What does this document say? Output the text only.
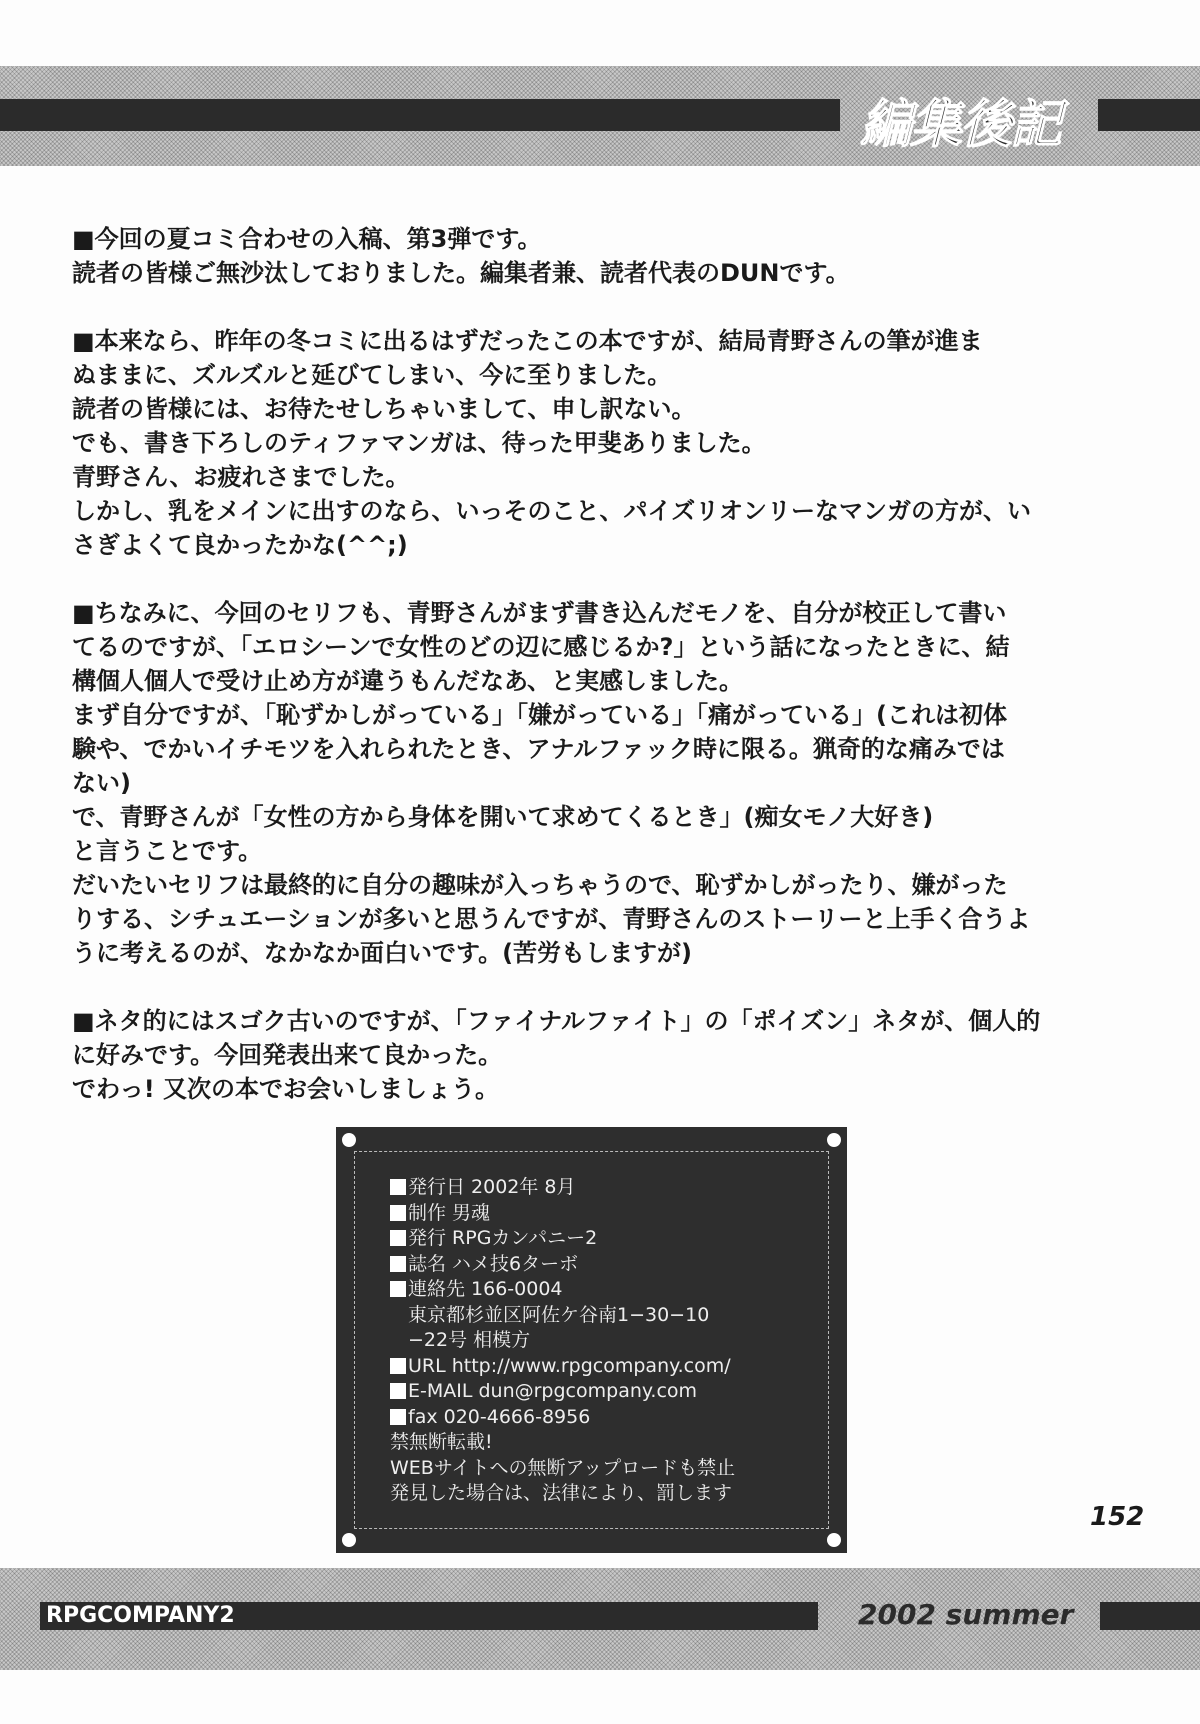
編集後記
■今回の夏コミ合わせの入稿、第3弾です。
読者の皆様ご無沙汰しておりました。編集者兼、読者代表のDUNです。
■本来なら、昨年の冬コミに出るはずだったこの本ですが、結局青野さんの筆が進ま
ぬままに、ズルズルと延びてしまい、今に至りました。
読者の皆様には、お待たせしちゃいまして、申し訳ない。
でも、書き下ろしのティファマンガは、待った甲斐ありました。
青野さん、お疲れさまでした。
しかし、乳をメインに出すのなら、いっそのこと、パイズリオンリーなマンガの方が、い
さぎよくて良かったかな(^^;)
■ちなみに、今回のセリフも、青野さんがまず書き込んだモノを、自分が校正して書い
てるのですが、「エロシーンで女性のどの辺に感じるか?」という話になったときに、結
構個人個人で受け止め方が違うもんだなあ、と実感しました。
まず自分ですが、「恥ずかしがっている」「嫌がっている」「痛がっている」(これは初体
験や、でかいイチモツを入れられたとき、アナルファック時に限る。猟奇的な痛みでは
ない)
で、青野さんが「女性の方から身体を開いて求めてくるとき」(痴女モノ大好き)
と言うことです。
だいたいセリフは最終的に自分の趣味が入っちゃうので、恥ずかしがったり、嫌がった
りする、シチュエーションが多いと思うんですが、青野さんのストーリーと上手く合うよ
うに考えるのが、なかなか面白いです。(苦労もしますが)
■ネタ的にはスゴク古いのですが、「ファイナルファイト」の「ポイズン」ネタが、個人的
に好みです。今回発表出来て良かった。
でわっ! 又次の本でお会いしましょう。
発行日 2002年 8月
制作 男魂
発行 RPGカンパニー2
誌名 ハメ技6ターボ
連絡先 166-0004
東京都杉並区阿佐ケ谷南1−30−10
−22号 相模方
URL http://www.rpgcompany.com/
E-MAIL dun@rpgcompany.com
fax 020-4666-8956
禁無断転載!
WEBサイトへの無断アップロードも禁止
発見した場合は、法律により、罰します
152
RPGCOMPANY2	2002 summer
